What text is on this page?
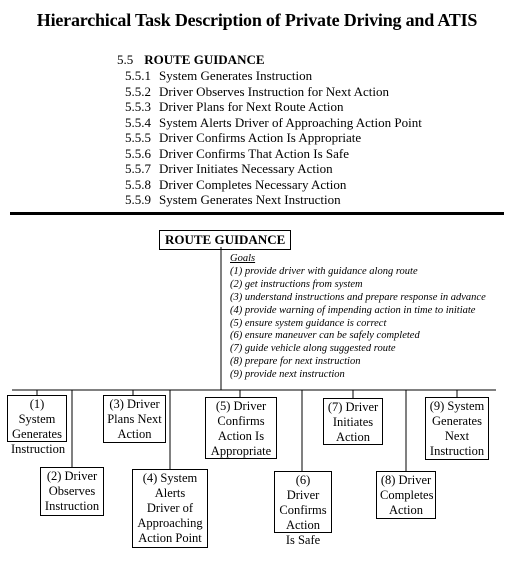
Hierarchical Task Description of Private Driving and ATIS
5.5 ROUTE GUIDANCE
5.5.1 System Generates Instruction
5.5.2 Driver Observes Instruction for Next Action
5.5.3 Driver Plans for Next Route Action
5.5.4 System Alerts Driver of Approaching Action Point
5.5.5 Driver Confirms Action Is Appropriate
5.5.6 Driver Confirms That Action Is Safe
5.5.7 Driver Initiates Necessary Action
5.5.8 Driver Completes Necessary Action
5.5.9 System Generates Next Instruction
ROUTE GUIDANCE
Goals
(1) provide driver with guidance along route
(2) get instructions from system
(3) understand instructions and prepare response in advance
(4) provide warning of impending action in time to initiate
(5) ensure system guidance is correct
(6) ensure maneuver can be safely completed
(7) guide vehicle along suggested route
(8) prepare for next instruction
(9) provide next instruction
(1) System
Generates
Instruction
(2) Driver
Observes
Instruction
(3) Driver
Plans Next
Action
(4) System
Alerts
Driver of
Approaching
Action Point
(5) Driver
Confirms
Action Is
Appropriate
(6) Driver
Confirms
Action
Is Safe
(7) Driver
Initiates
Action
(8) Driver
Completes
Action
(9) System
Generates
Next
Instruction
